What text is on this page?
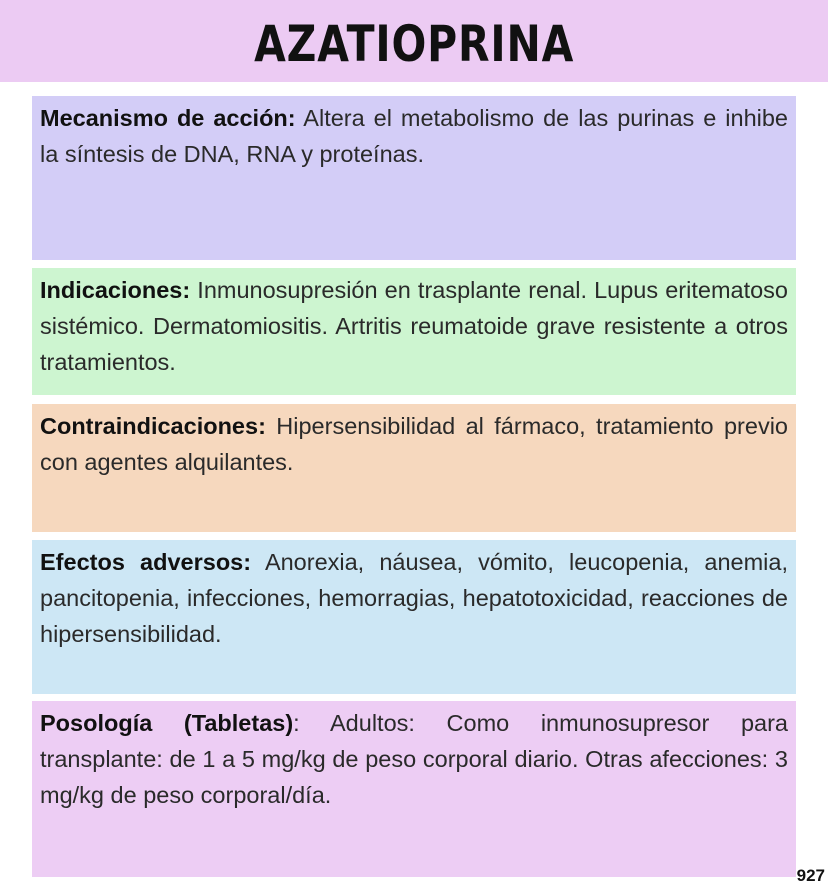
AZATIOPRINA
Mecanismo de acción: Altera el metabolismo de las purinas e inhibe la síntesis de DNA, RNA y proteínas.
Indicaciones: Inmunosupresión en trasplante renal. Lupus eritematoso sistémico. Dermatomiositis. Artritis reumatoide grave resistente a otros tratamientos.
Contraindicaciones: Hipersensibilidad al fármaco, tratamiento previo con agentes alquilantes.
Efectos adversos: Anorexia, náusea, vómito, leucopenia, anemia, pancitopenia, infecciones, hemorragias, hepatotoxicidad, reacciones de hipersensibilidad.
Posología (Tabletas): Adultos: Como inmunosupresor para transplante: de 1 a 5 mg/kg de peso corporal diario. Otras afecciones: 3 mg/kg de peso corporal/día.
927
